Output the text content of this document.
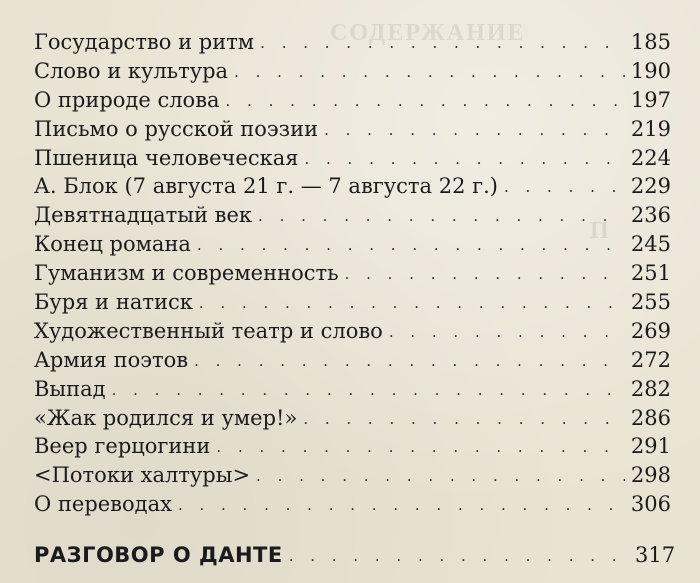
СОДЕРЖАНИЕ
П
Государство и ритм . . .	185
Слово и культура . . .	190
О природе слова . . .	197
Письмо о русской поэзии . . .	219
Пшеница человеческая . . .	224
А. Блок (7 августа 21 г. — 7 августа 22 г.) . . .	229
Девятнадцатый век . . .	236
Конец романа . . .	245
Гуманизм и современность . . .	251
Буря и натиск . . .	255
Художественный театр и слово . . .	269
Армия поэтов . . .	272
Выпад . . .	282
«Жак родился и умер!» . . .	286
Веер герцогини . . .	291
<Потоки халтуры> . . .	298
О переводах . . .	306
РАЗГОВОР О ДАНТЕ . . .	317
